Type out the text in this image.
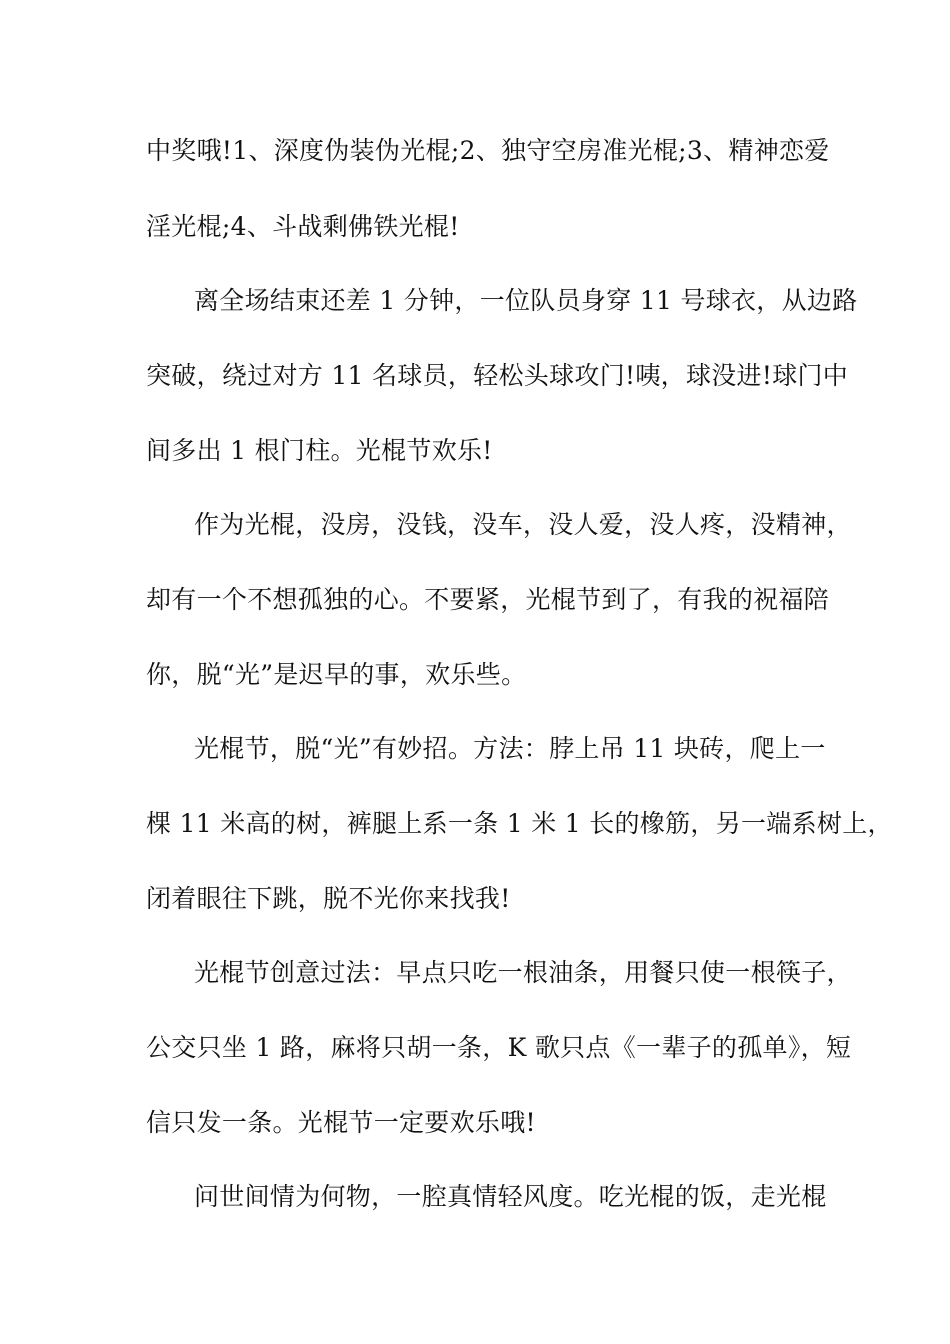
中奖哦!1、深度伪装伪光棍;2、独守空房准光棍;3、精神恋爱
淫光棍;4、斗战剩佛铁光棍!
离全场结束还差 1 分钟，一位队员身穿 11 号球衣，从边路
突破，绕过对方 11 名球员，轻松头球攻门!咦，球没进!球门中
间多出 1 根门柱。光棍节欢乐!
作为光棍，没房，没钱，没车，没人爱，没人疼，没精神，
却有一个不想孤独的心。不要紧，光棍节到了，有我的祝福陪
你，脱“光”是迟早的事，欢乐些。
光棍节，脱“光”有妙招。方法：脖上吊 11 块砖，爬上一
棵 11 米高的树，裤腿上系一条 1 米 1 长的橡筋，另一端系树上，
闭着眼往下跳，脱不光你来找我!
光棍节创意过法：早点只吃一根油条，用餐只使一根筷子，
公交只坐 1 路，麻将只胡一条，K 歌只点《一辈子的孤单》，短
信只发一条。光棍节一定要欢乐哦!
问世间情为何物，一腔真情轻风度。吃光棍的饭，走光棍
